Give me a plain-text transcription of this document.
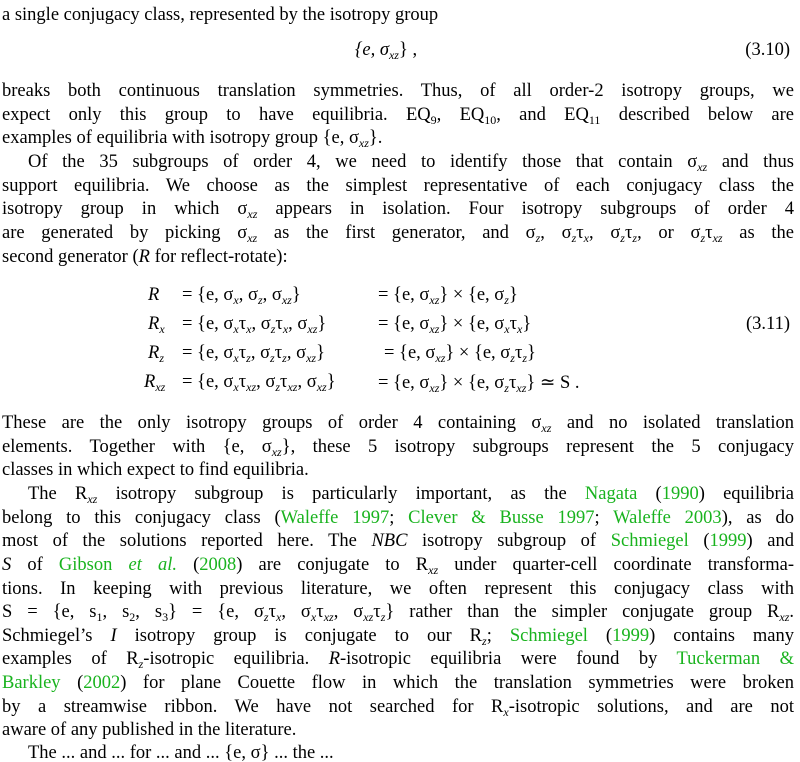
a single conjugacy class, represented by the isotropy group
{e, $\sigma_{xz}$} ,	(3.10)
breaks both continuous translation symmetries. Thus, of all order-2 isotropy groups, we
expect only this group to have equilibria. $EQ_9$, $EQ_{10}$, and $EQ_{11}$ described below are
examples of equilibria with isotropy group {e, $\sigma_{xz}$}.
Of the 35 subgroups of order 4, we need to identify those that contain $\sigma_{xz}$ and thus
support equilibria. We choose as the simplest representative of each conjugacy class the
isotropy group in which $\sigma_{xz}$ appears in isolation. Four isotropy subgroups of order 4
are generated by picking $\sigma_{xz}$ as the first generator, and $\sigma_z$, $\sigma_z\tau_x$, $\sigma_z\tau_z$, or $\sigma_z\tau_{xz}$ as the
second generator (R for reflect-rotate):
R = {e, $\sigma_x$, $\sigma_z$, $\sigma_{xz}$}	= {e, $\sigma_{xz}\} \times \{e$, $\sigma_z$}
$R_x = \{e$, $\sigma_x\tau_x$, $\sigma_z\tau_x$, $\sigma_{xz}$}	= {e, $\sigma_{xz}\} \times \{e$, $\sigma_x\tau_x$}
$R_z = \{e$, $\sigma_x\tau_z$, $\sigma_z\tau_z$, $\sigma_{xz}$}	= {e, $\sigma_{xz}\} \times \{e$, $\sigma_z\tau_z$}
$R_{xz} = \{e$, $\sigma_x\tau_{xz}$, $\sigma_z\tau_{xz}$, $\sigma_{xz}\} = \{e$, $\sigma_{xz}\} \times \{e$, $\sigma_z\tau_{xz}$} ≃ S .
(3.11)
These are the only isotropy groups of order 4 containing $\sigma_{xz}$ and no isolated translation
elements. Together with {e, $\sigma_{xz}$}, these 5 isotropy subgroups represent the 5 conjugacy
classes in which expect to find equilibria.
The $R_{xz}$ isotropy subgroup is particularly important, as the Nagata (1990) equilibria
belong to this conjugacy class (Waleffe 1997; Clever & Busse 1997; Waleffe 2003), as do
most of the solutions reported here. The NBC isotropy subgroup of Schmiegel (1999) and
S of Gibson et al. (2008) are conjugate to $R_{xz}$ under quarter-cell coordinate transforma-
tions. In keeping with previous literature, we often represent this conjugacy class with
S = {e, $s_1$, $s_2$, $s_3\} = \{e$, $\sigma_z\tau_x$, $\sigma_x\tau_{xz}$, $\sigma_{xz}\tau_z$} rather than the simpler conjugate group $R_{xz}$.
Schmiegel’s I isotropy group is conjugate to our $R_z$; Schmiegel (1999) contains many
examples of $R_z$-isotropic equilibria. R-isotropic equilibria were found by Tuckerman &
Barkley (2002) for plane Couette flow in which the translation symmetries were broken
by a streamwise ribbon. We have not searched for $R_x$-isotropic solutions, and are not
aware of any published in the literature.
The ... and ... for ... and ... {e, σ} ... the ...
